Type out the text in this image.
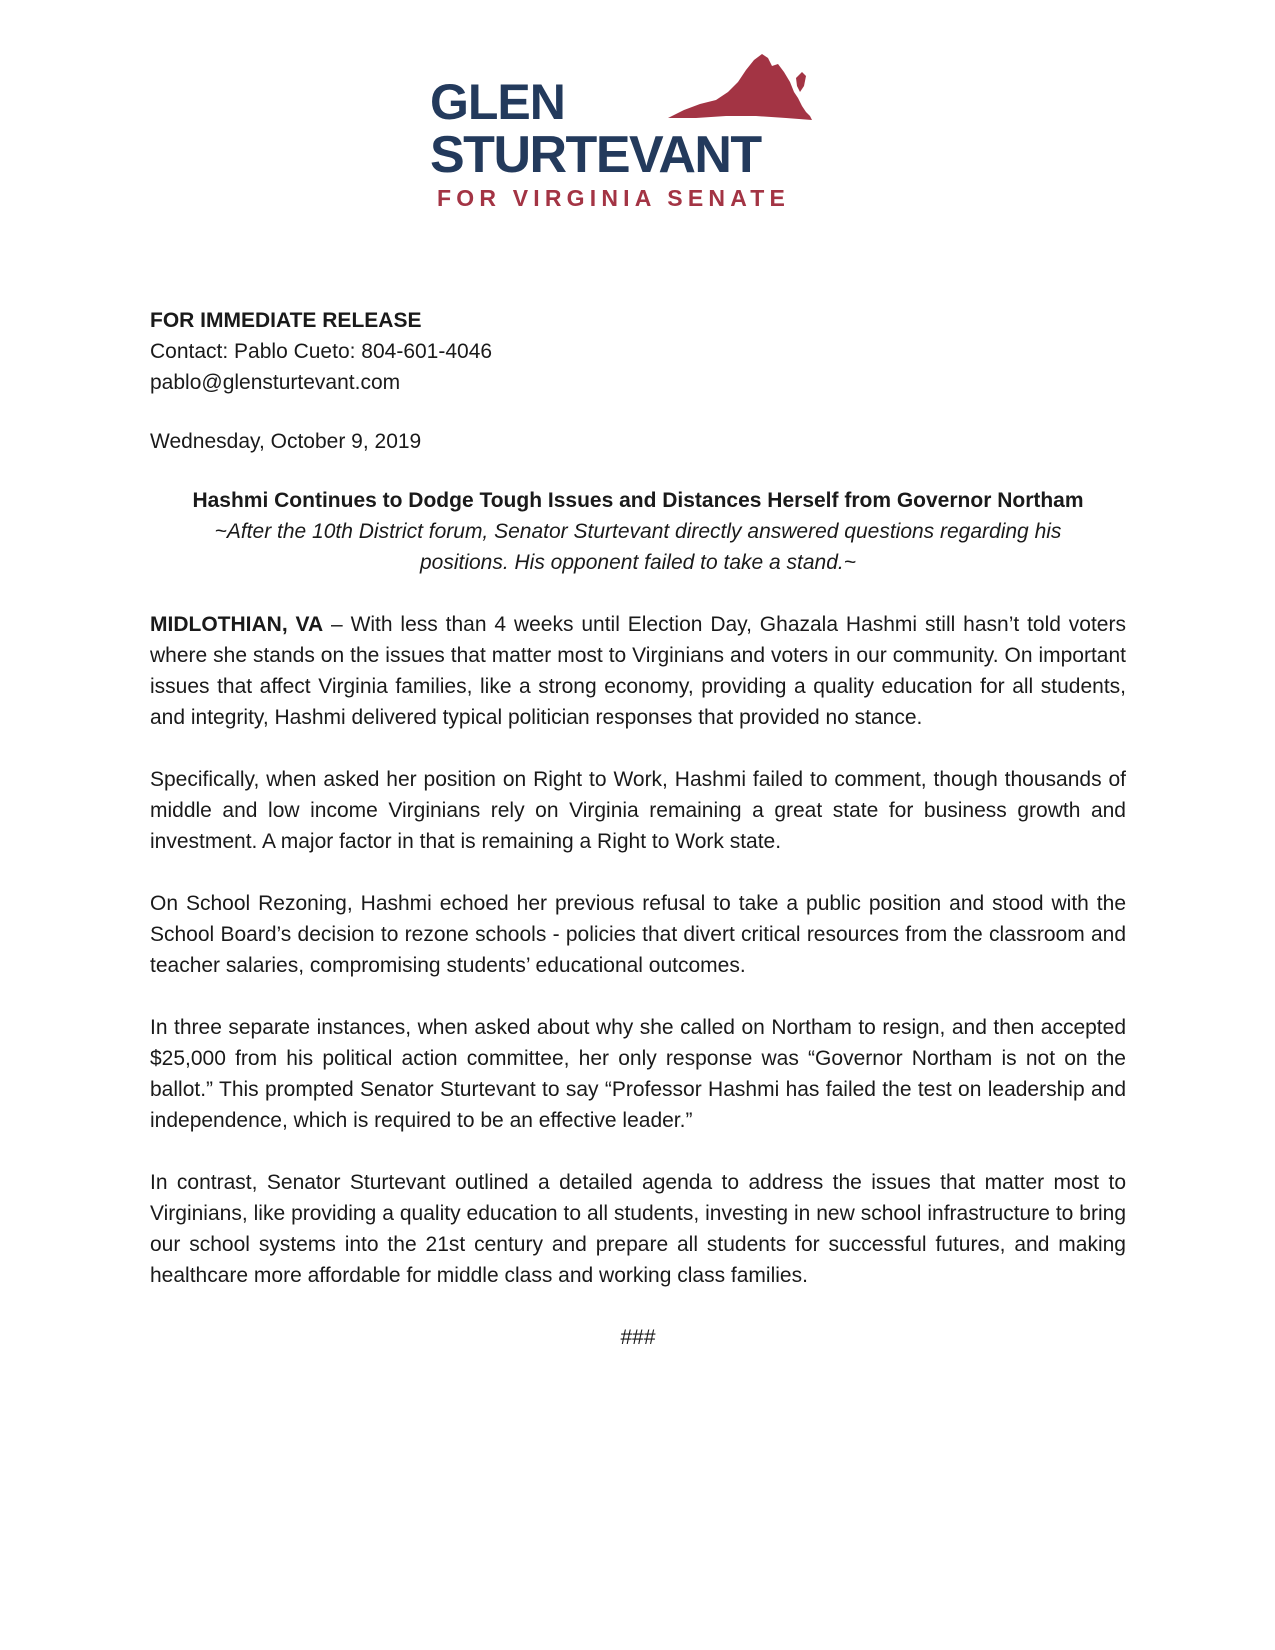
GLEN
STURTEVANT
FOR VIRGINIA SENATE

FOR IMMEDIATE RELEASE

Contact: Pablo Cueto: 804-601-4046

pablo@glensturtevant.com

Wednesday, October 9, 2019

Hashmi Continues to Dodge Tough Issues and Distances Herself from Governor Northam

~After the 10th District forum, Senator Sturtevant directly answered questions regarding his positions. His opponent failed to take a stand.~

MIDLOTHIAN, VA – With less than 4 weeks until Election Day, Ghazala Hashmi still hasn’t told voters where she stands on the issues that matter most to Virginians and voters in our community. On important issues that affect Virginia families, like a strong economy, providing a quality education for all students, and integrity, Hashmi delivered typical politician responses that provided no stance.

Specifically, when asked her position on Right to Work, Hashmi failed to comment, though thousands of middle and low income Virginians rely on Virginia remaining a great state for business growth and investment. A major factor in that is remaining a Right to Work state.

On School Rezoning, Hashmi echoed her previous refusal to take a public position and stood with the School Board’s decision to rezone schools - policies that divert critical resources from the classroom and teacher salaries, compromising students’ educational outcomes.

In three separate instances, when asked about why she called on Northam to resign, and then accepted $25,000 from his political action committee, her only response was “Governor Northam is not on the ballot.” This prompted Senator Sturtevant to say “Professor Hashmi has failed the test on leadership and independence, which is required to be an effective leader.”

In contrast, Senator Sturtevant outlined a detailed agenda to address the issues that matter most to Virginians, like providing a quality education to all students, investing in new school infrastructure to bring our school systems into the 21st century and prepare all students for successful futures, and making healthcare more affordable for middle class and working class families.

###
